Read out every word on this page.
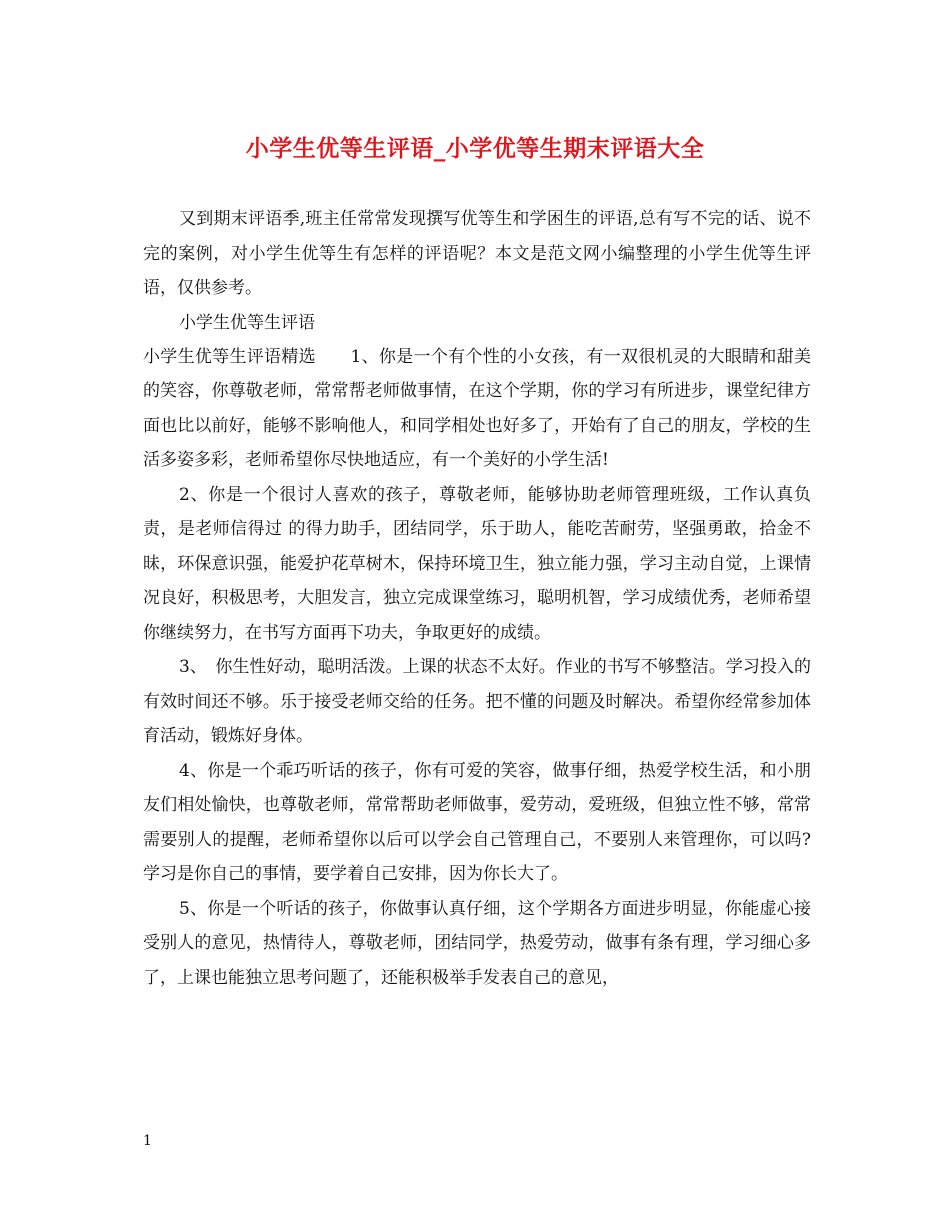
小学生优等生评语_小学优等生期末评语大全

又到期末评语季,班主任常常发现撰写优等生和学困生的评语,总有写不完的话、说不完的案例，对小学生优等生有怎样的评语呢？本文是范文网小编整理的小学生优等生评语，仅供参考。

小学生优等生评语

小学生优等生评语精选　　1、你是一个有个性的小女孩，有一双很机灵的大眼睛和甜美的笑容，你尊敬老师，常常帮老师做事情，在这个学期，你的学习有所进步，课堂纪律方面也比以前好，能够不影响他人，和同学相处也好多了，开始有了自己的朋友，学校的生活多姿多彩，老师希望你尽快地适应，有一个美好的小学生活!

2、你是一个很讨人喜欢的孩子，尊敬老师，能够协助老师管理班级，工作认真负责，是老师信得过 的得力助手，团结同学，乐于助人，能吃苦耐劳，坚强勇敢，拾金不昧，环保意识强，能爱护花草树木，保持环境卫生，独立能力强，学习主动自觉，上课情况良好，积极思考，大胆发言，独立完成课堂练习，聪明机智，学习成绩优秀，老师希望你继续努力，在书写方面再下功夫，争取更好的成绩。

3、　你生性好动，聪明活泼。上课的状态不太好。作业的书写不够整洁。学习投入的有效时间还不够。乐于接受老师交给的任务。把不懂的问题及时解决。希望你经常参加体育活动，锻炼好身体。

4、你是一个乖巧听话的孩子，你有可爱的笑容，做事仔细，热爱学校生活，和小朋友们相处愉快，也尊敬老师，常常帮助老师做事，爱劳动，爱班级，但独立性不够，常常需要别人的提醒，老师希望你以后可以学会自己管理自己，不要别人来管理你，可以吗?学习是你自己的事情，要学着自己安排，因为你长大了。

5、你是一个听话的孩子，你做事认真仔细，这个学期各方面进步明显，你能虚心接受别人的意见，热情待人，尊敬老师，团结同学，热爱劳动，做事有条有理，学习细心多了，上课也能独立思考问题了，还能积极举手发表自己的意见，

1
